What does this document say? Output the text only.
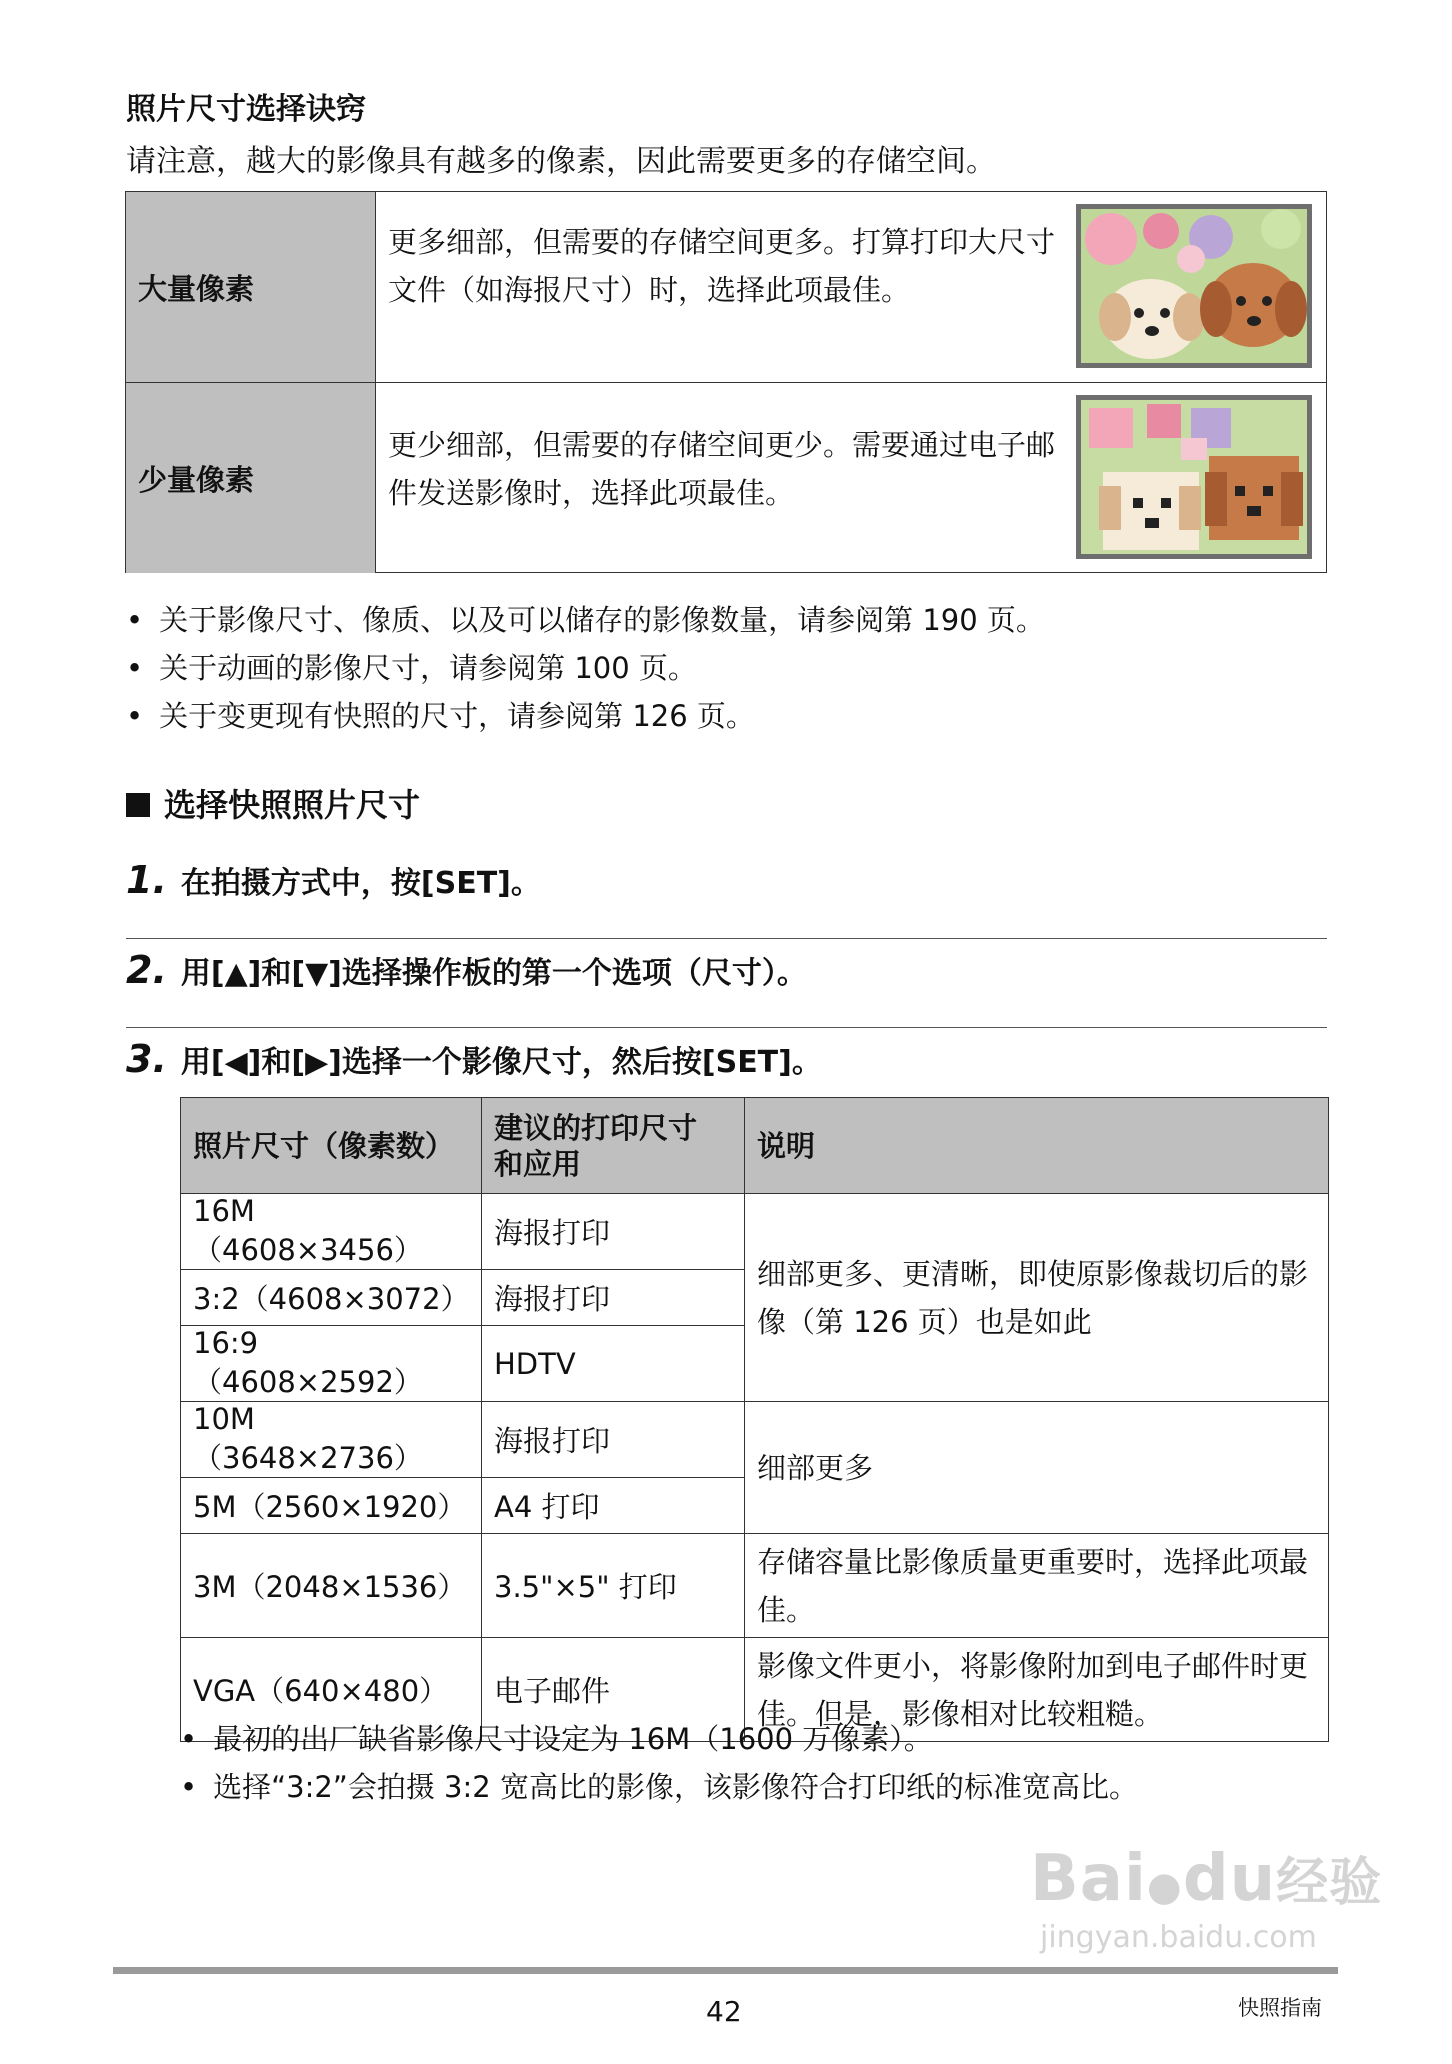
照片尺寸选择诀窍
请注意，越大的影像具有越多的像素，因此需要更多的存储空间。
大量像素
更多细部，但需要的存储空间更多。打算打印大尺寸文件（如海报尺寸）时，选择此项最佳。
少量像素
更少细部，但需要的存储空间更少。需要通过电子邮件发送影像时，选择此项最佳。
• 关于影像尺寸、像质、以及可以储存的影像数量，请参阅第 190 页。
• 关于动画的影像尺寸，请参阅第 100 页。
• 关于变更现有快照的尺寸，请参阅第 126 页。
选择快照照片尺寸
1. 在拍摄方式中，按[SET]。
2. 用[▲]和[▼]选择操作板的第一个选项（尺寸）。
3. 用[◀]和[▶]选择一个影像尺寸，然后按[SET]。
照片尺寸（像素数）	建议的打印尺寸和应用	说明
16M（4608×3456）	海报打印	细部更多、更清晰，即使原影像裁切后的影像（第 126 页）也是如此
3:2（4608×3072）	海报打印	
16:9（4608×2592）	HDTV	
10M（3648×2736）	海报打印	细部更多
5M（2560×1920）	A4 打印	
3M（2048×1536）	3.5"×5" 打印	存储容量比影像质量更重要时，选择此项最佳。
VGA（640×480）	电子邮件	影像文件更小，将影像附加到电子邮件时更佳。但是，影像相对比较粗糙。
• 最初的出厂缺省影像尺寸设定为 16M（1600 万像素）。
• 选择“3:2”会拍摄 3:2 宽高比的影像，该影像符合打印纸的标准宽高比。
Bai●du经验
jingyan.baidu.com
42	快照指南
